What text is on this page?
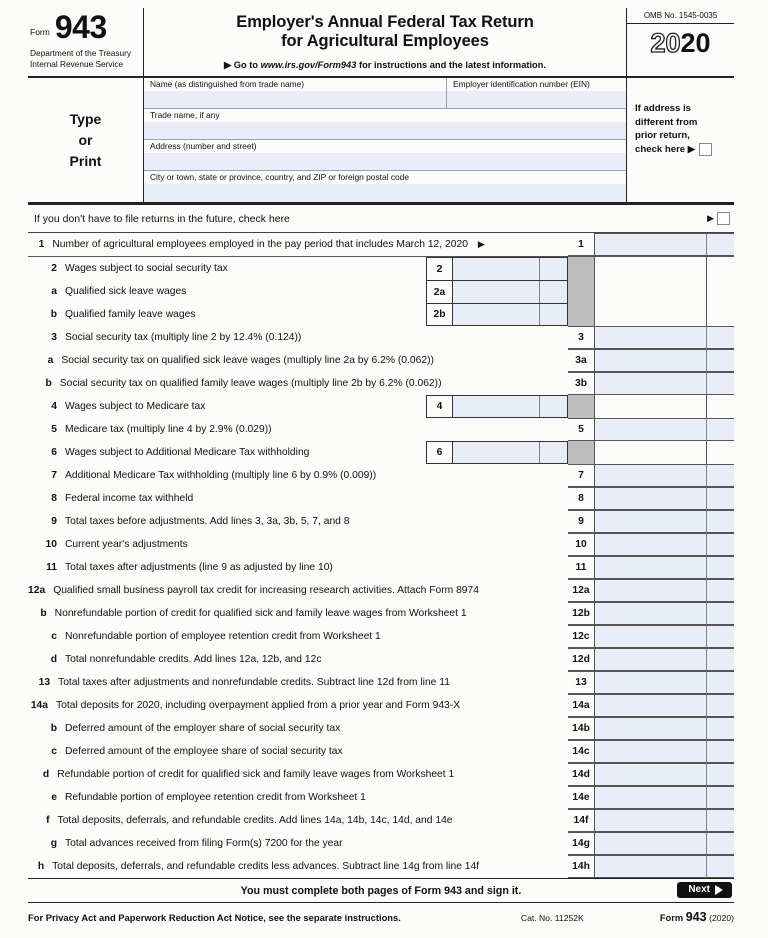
Form 943
Department of the Treasury
Internal Revenue Service
Employer's Annual Federal Tax Return
for Agricultural Employees
▶ Go to www.irs.gov/Form943 for instructions and the latest information.
OMB No. 1545-0035
2020
Type
or
Print
Name (as distinguished from trade name)	Employer identification number (EIN)
Trade name, if any
Address (number and street)
City or town, state or province, country, and ZIP or foreign postal code
If address is
different from
prior return,
check here ▶
If you don't have to file returns in the future, check here	▶
1 Number of agricultural employees employed in the pay period that includes March 12, 2020 ▶	1
2 Wages subject to social security tax	2
a Qualified sick leave wages	2a
b Qualified family leave wages	2b
3 Social security tax (multiply line 2 by 12.4% (0.124))	3
a Social security tax on qualified sick leave wages (multiply line 2a by 6.2% (0.062))	3a
b Social security tax on qualified family leave wages (multiply line 2b by 6.2% (0.062))	3b
4 Wages subject to Medicare tax	4
5 Medicare tax (multiply line 4 by 2.9% (0.029))	5
6 Wages subject to Additional Medicare Tax withholding	6
7 Additional Medicare Tax withholding (multiply line 6 by 0.9% (0.009))	7
8 Federal income tax withheld	8
9 Total taxes before adjustments. Add lines 3, 3a, 3b, 5, 7, and 8	9
10 Current year's adjustments	10
11 Total taxes after adjustments (line 9 as adjusted by line 10)	11
12a Qualified small business payroll tax credit for increasing research activities. Attach Form 8974	12a
b Nonrefundable portion of credit for qualified sick and family leave wages from Worksheet 1	12b
c Nonrefundable portion of employee retention credit from Worksheet 1	12c
d Total nonrefundable credits. Add lines 12a, 12b, and 12c	12d
13 Total taxes after adjustments and nonrefundable credits. Subtract line 12d from line 11	13
14a Total deposits for 2020, including overpayment applied from a prior year and Form 943-X	14a
b Deferred amount of the employer share of social security tax	14b
c Deferred amount of the employee share of social security tax	14c
d Refundable portion of credit for qualified sick and family leave wages from Worksheet 1	14d
e Refundable portion of employee retention credit from Worksheet 1	14e
f Total deposits, deferrals, and refundable credits. Add lines 14a, 14b, 14c, 14d, and 14e	14f
g Total advances received from filing Form(s) 7200 for the year	14g
h Total deposits, deferrals, and refundable credits less advances. Subtract line 14g from line 14f	14h
You must complete both pages of Form 943 and sign it.	Next
For Privacy Act and Paperwork Reduction Act Notice, see the separate instructions.	Cat. No. 11252K	Form 943 (2020)
